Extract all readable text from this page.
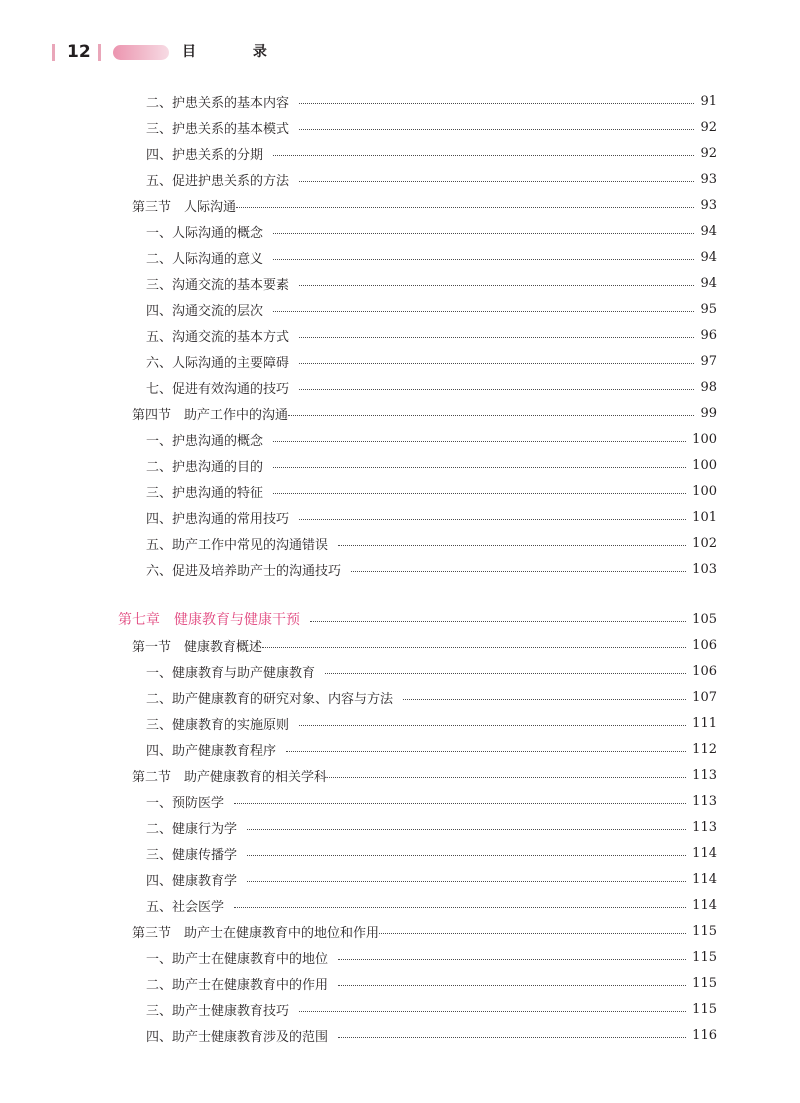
12	目 录
二、护患关系的基本内容	91
三、护患关系的基本模式	92
四、护患关系的分期	92
五、促进护患关系的方法	93
第三节　人际沟通	93
一、人际沟通的概念	94
二、人际沟通的意义	94
三、沟通交流的基本要素	94
四、沟通交流的层次	95
五、沟通交流的基本方式	96
六、人际沟通的主要障碍	97
七、促进有效沟通的技巧	98
第四节　助产工作中的沟通	99
一、护患沟通的概念	100
二、护患沟通的目的	100
三、护患沟通的特征	100
四、护患沟通的常用技巧	101
五、助产工作中常见的沟通错误	102
六、促进及培养助产士的沟通技巧	103
第七章　健康教育与健康干预	105
第一节　健康教育概述	106
一、健康教育与助产健康教育	106
二、助产健康教育的研究对象、内容与方法	107
三、健康教育的实施原则	111
四、助产健康教育程序	112
第二节　助产健康教育的相关学科	113
一、预防医学	113
二、健康行为学	113
三、健康传播学	114
四、健康教育学	114
五、社会医学	114
第三节　助产士在健康教育中的地位和作用	115
一、助产士在健康教育中的地位	115
二、助产士在健康教育中的作用	115
三、助产士健康教育技巧	115
四、助产士健康教育涉及的范围	116
